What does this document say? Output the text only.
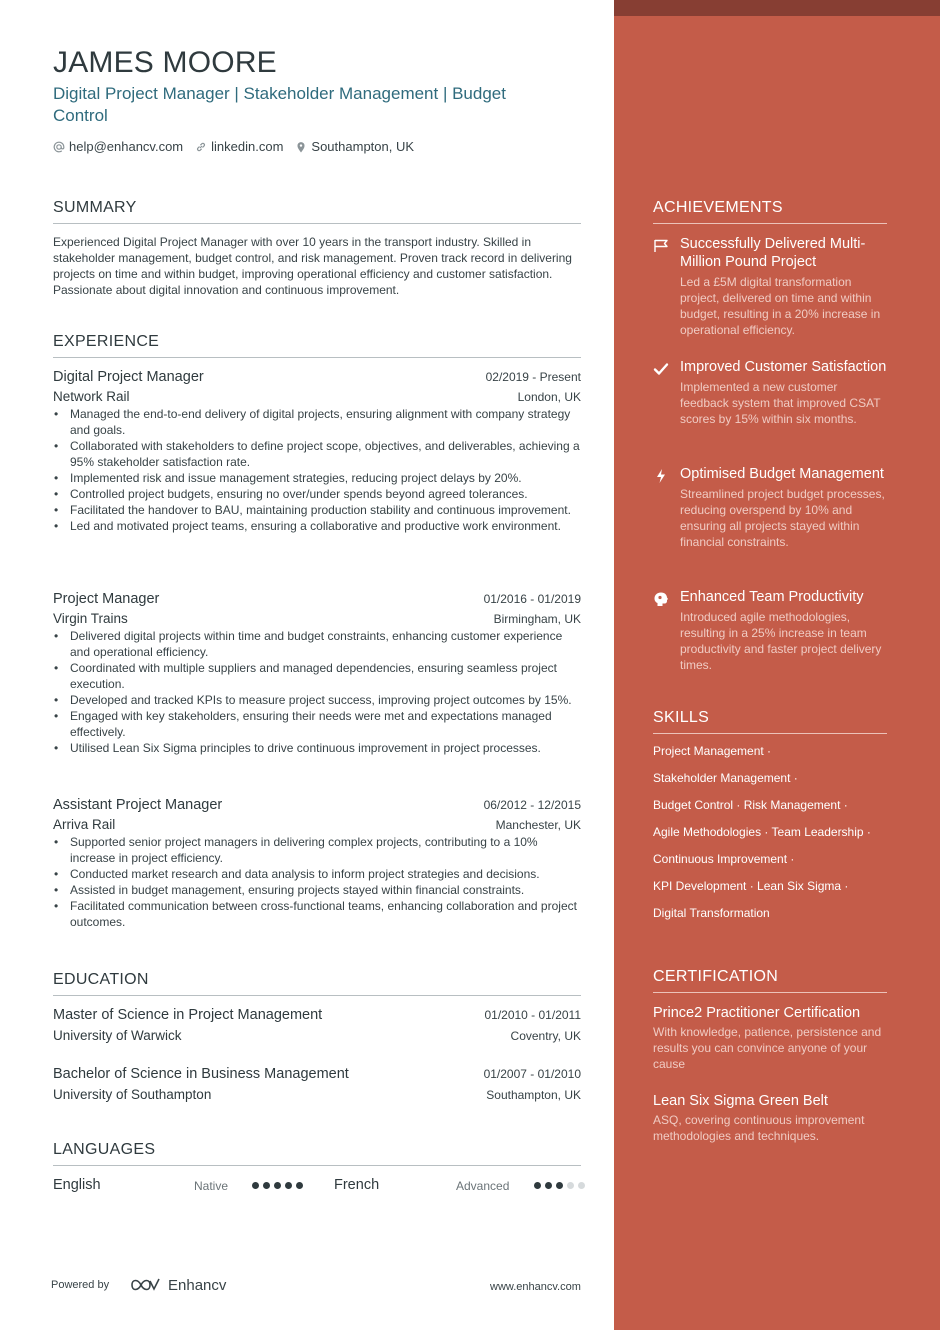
JAMES MOORE
Digital Project Manager | Stakeholder Management | Budget Control
help@enhancv.com linkedin.com Southampton, UK
SUMMARY
Experienced Digital Project Manager with over 10 years in the transport industry. Skilled in stakeholder management, budget control, and risk management. Proven track record in delivering projects on time and within budget, improving operational efficiency and customer satisfaction. Passionate about digital innovation and continuous improvement.
EXPERIENCE
Digital Project Manager	02/2019 - Present
Network Rail	London, UK
• Managed the end-to-end delivery of digital projects, ensuring alignment with company strategy and goals.
• Collaborated with stakeholders to define project scope, objectives, and deliverables, achieving a 95% stakeholder satisfaction rate.
• Implemented risk and issue management strategies, reducing project delays by 20%.
• Controlled project budgets, ensuring no over/under spends beyond agreed tolerances.
• Facilitated the handover to BAU, maintaining production stability and continuous improvement.
• Led and motivated project teams, ensuring a collaborative and productive work environment.
Project Manager	01/2016 - 01/2019
Virgin Trains	Birmingham, UK
• Delivered digital projects within time and budget constraints, enhancing customer experience and operational efficiency.
• Coordinated with multiple suppliers and managed dependencies, ensuring seamless project execution.
• Developed and tracked KPIs to measure project success, improving project outcomes by 15%.
• Engaged with key stakeholders, ensuring their needs were met and expectations managed effectively.
• Utilised Lean Six Sigma principles to drive continuous improvement in project processes.
Assistant Project Manager	06/2012 - 12/2015
Arriva Rail	Manchester, UK
• Supported senior project managers in delivering complex projects, contributing to a 10% increase in project efficiency.
• Conducted market research and data analysis to inform project strategies and decisions.
• Assisted in budget management, ensuring projects stayed within financial constraints.
• Facilitated communication between cross-functional teams, enhancing collaboration and project outcomes.
EDUCATION
Master of Science in Project Management	01/2010 - 01/2011
University of Warwick	Coventry, UK
Bachelor of Science in Business Management	01/2007 - 01/2010
University of Southampton	Southampton, UK
LANGUAGES
English	Native	French	Advanced
Powered by	Enhancv	www.enhancv.com
ACHIEVEMENTS
Successfully Delivered Multi-Million Pound Project
Led a £5M digital transformation project, delivered on time and within budget, resulting in a 20% increase in operational efficiency.
Improved Customer Satisfaction
Implemented a new customer feedback system that improved CSAT scores by 15% within six months.
Optimised Budget Management
Streamlined project budget processes, reducing overspend by 10% and ensuring all projects stayed within financial constraints.
Enhanced Team Productivity
Introduced agile methodologies, resulting in a 25% increase in team productivity and faster project delivery times.
SKILLS
Project Management ·
Stakeholder Management ·
Budget Control · Risk Management ·
Agile Methodologies · Team Leadership ·
Continuous Improvement ·
KPI Development · Lean Six Sigma ·
Digital Transformation
CERTIFICATION
Prince2 Practitioner Certification
With knowledge, patience, persistence and results you can convince anyone of your cause
Lean Six Sigma Green Belt
ASQ, covering continuous improvement methodologies and techniques.
